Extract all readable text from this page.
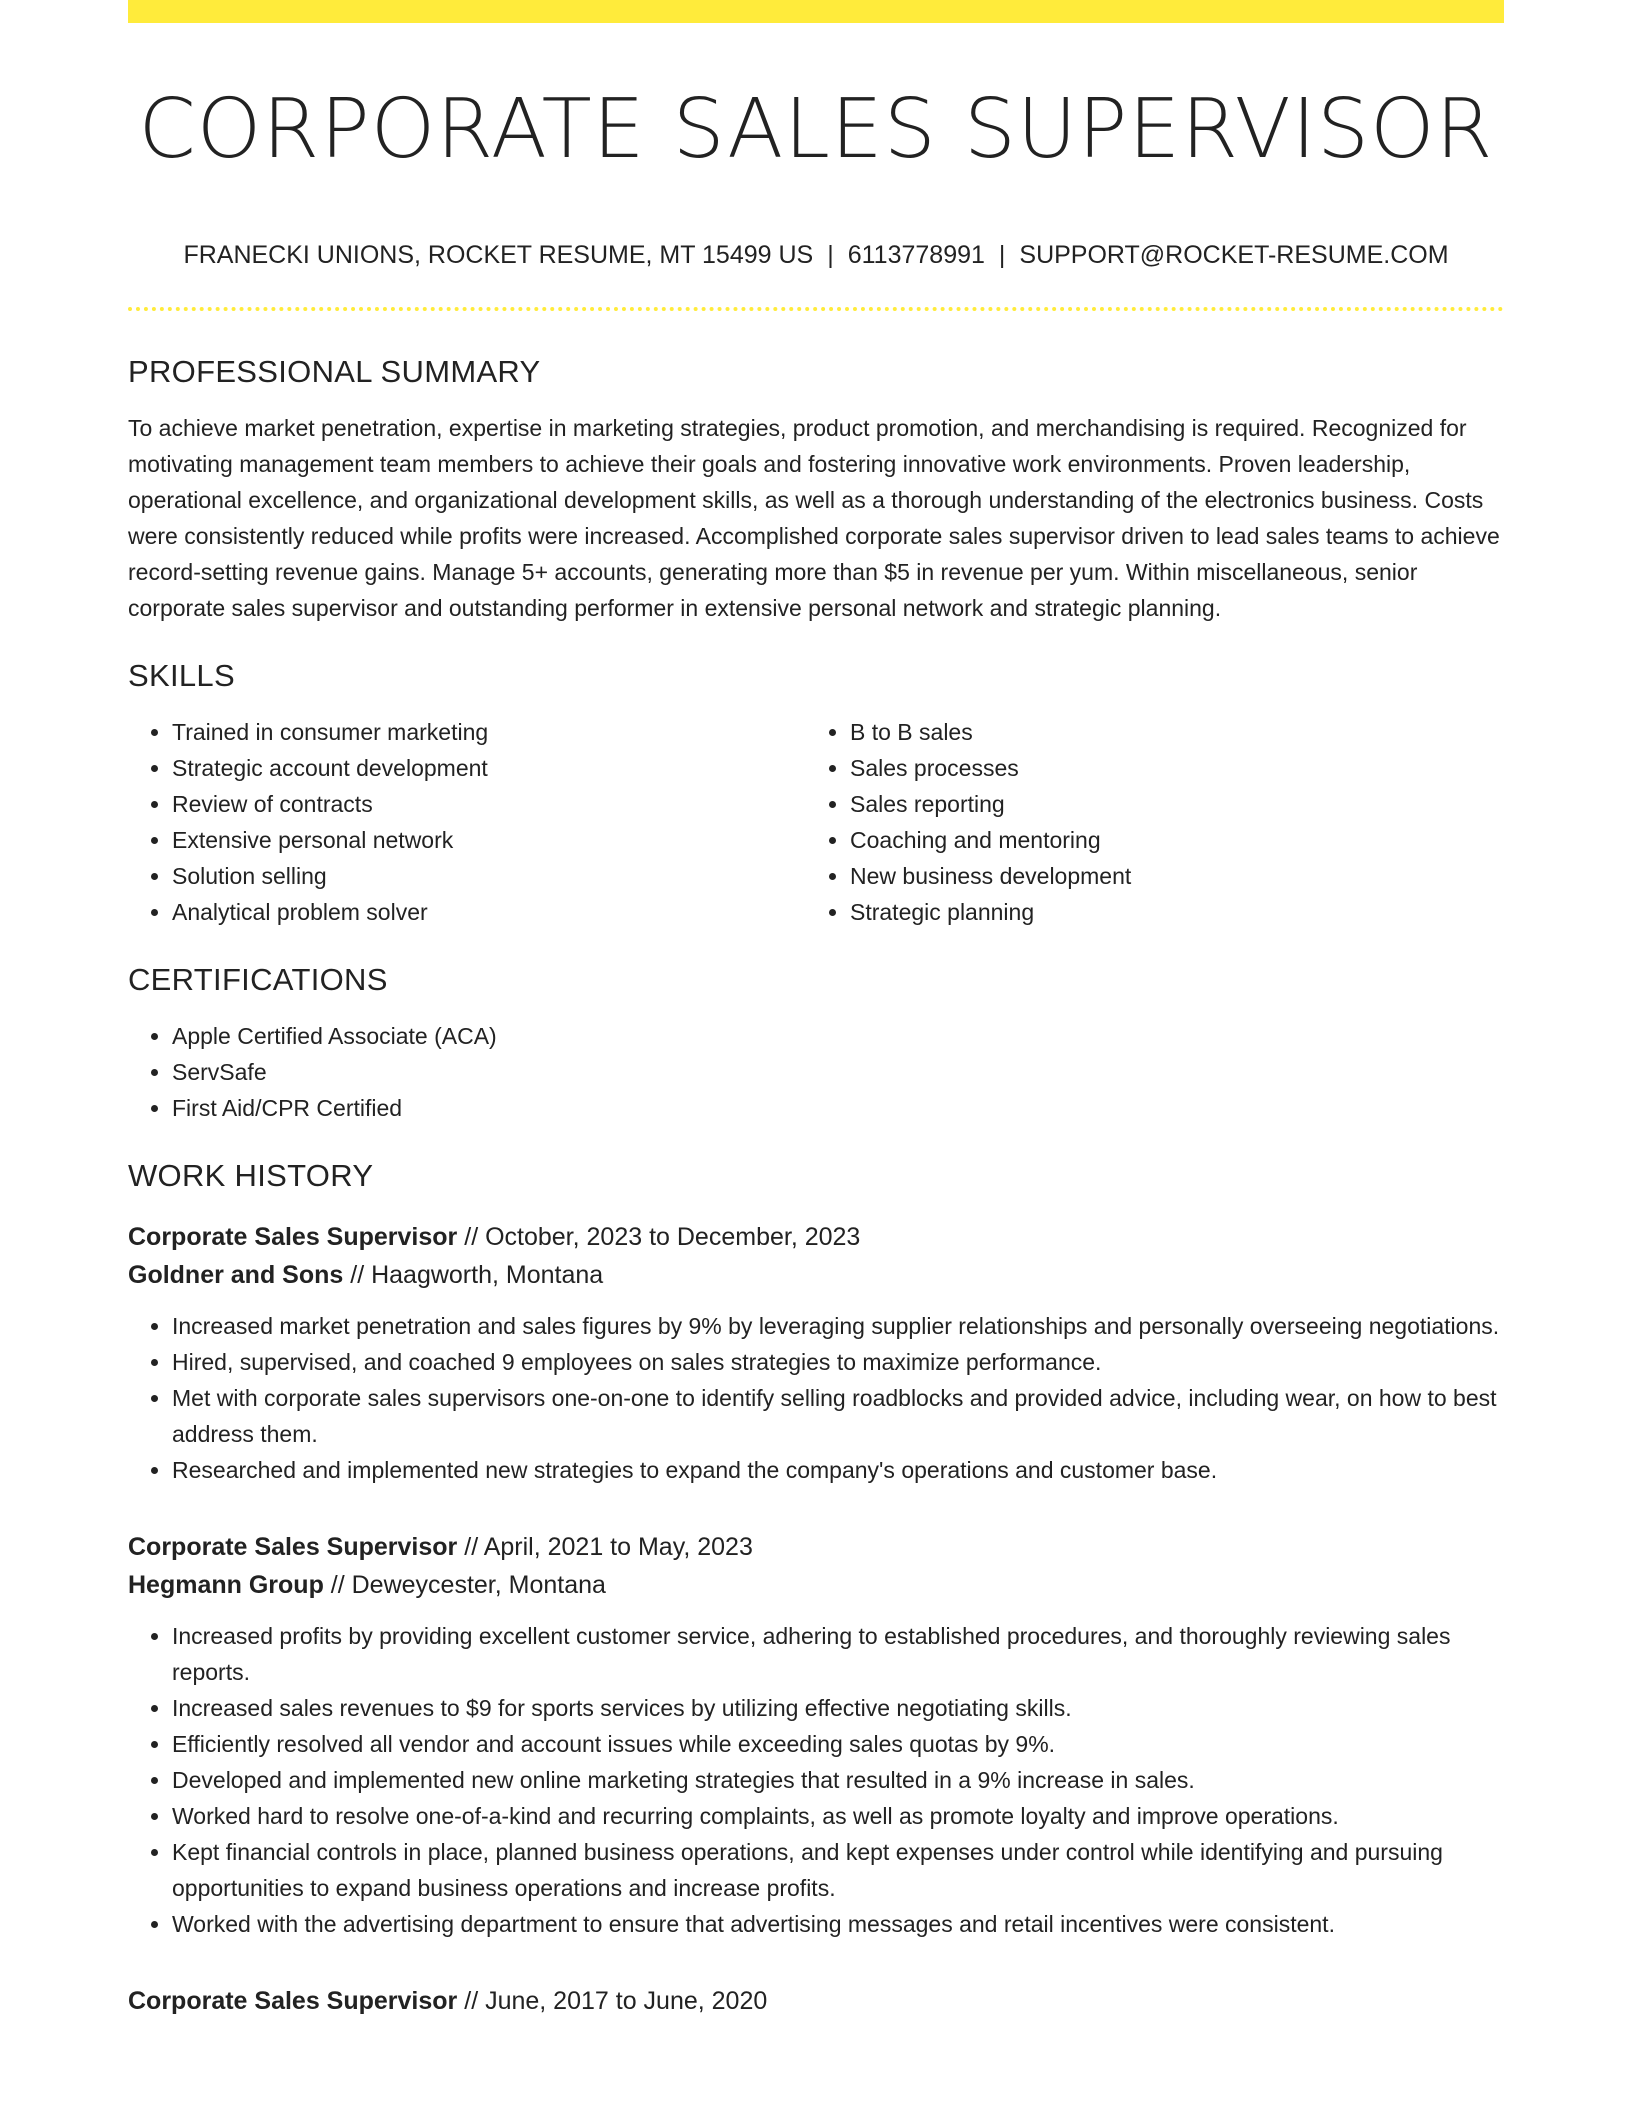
CORPORATE SALES SUPERVISOR
FRANECKI UNIONS, ROCKET RESUME, MT 15499 US | 6113778991 | SUPPORT@ROCKET-RESUME.COM
PROFESSIONAL SUMMARY

To achieve market penetration, expertise in marketing strategies, product promotion, and merchandising is required. Recognized for motivating management team members to achieve their goals and fostering innovative work environments. Proven leadership, operational excellence, and organizational development skills, as well as a thorough understanding of the electronics business. Costs were consistently reduced while profits were increased. Accomplished corporate sales supervisor driven to lead sales teams to achieve record-setting revenue gains. Manage 5+ accounts, generating more than $5 in revenue per yum. Within miscellaneous, senior corporate sales supervisor and outstanding performer in extensive personal network and strategic planning.

SKILLS
• Trained in consumer marketing
• Strategic account development
• Review of contracts
• Extensive personal network
• Solution selling
• Analytical problem solver
• B to B sales
• Sales processes
• Sales reporting
• Coaching and mentoring
• New business development
• Strategic planning
CERTIFICATIONS
• Apple Certified Associate (ACA)
• ServSafe
• First Aid/CPR Certified
WORK HISTORY
Corporate Sales Supervisor // October, 2023 to December, 2023
Goldner and Sons // Haagworth, Montana
• Increased market penetration and sales figures by 9% by leveraging supplier relationships and personally overseeing negotiations.
• Hired, supervised, and coached 9 employees on sales strategies to maximize performance.
• Met with corporate sales supervisors one-on-one to identify selling roadblocks and provided advice, including wear, on how to best address them.
• Researched and implemented new strategies to expand the company's operations and customer base.
Corporate Sales Supervisor // April, 2021 to May, 2023
Hegmann Group // Deweycester, Montana
• Increased profits by providing excellent customer service, adhering to established procedures, and thoroughly reviewing sales reports.
• Increased sales revenues to $9 for sports services by utilizing effective negotiating skills.
• Efficiently resolved all vendor and account issues while exceeding sales quotas by 9%.
• Developed and implemented new online marketing strategies that resulted in a 9% increase in sales.
• Worked hard to resolve one-of-a-kind and recurring complaints, as well as promote loyalty and improve operations.
• Kept financial controls in place, planned business operations, and kept expenses under control while identifying and pursuing opportunities to expand business operations and increase profits.
• Worked with the advertising department to ensure that advertising messages and retail incentives were consistent.
Corporate Sales Supervisor // June, 2017 to June, 2020
